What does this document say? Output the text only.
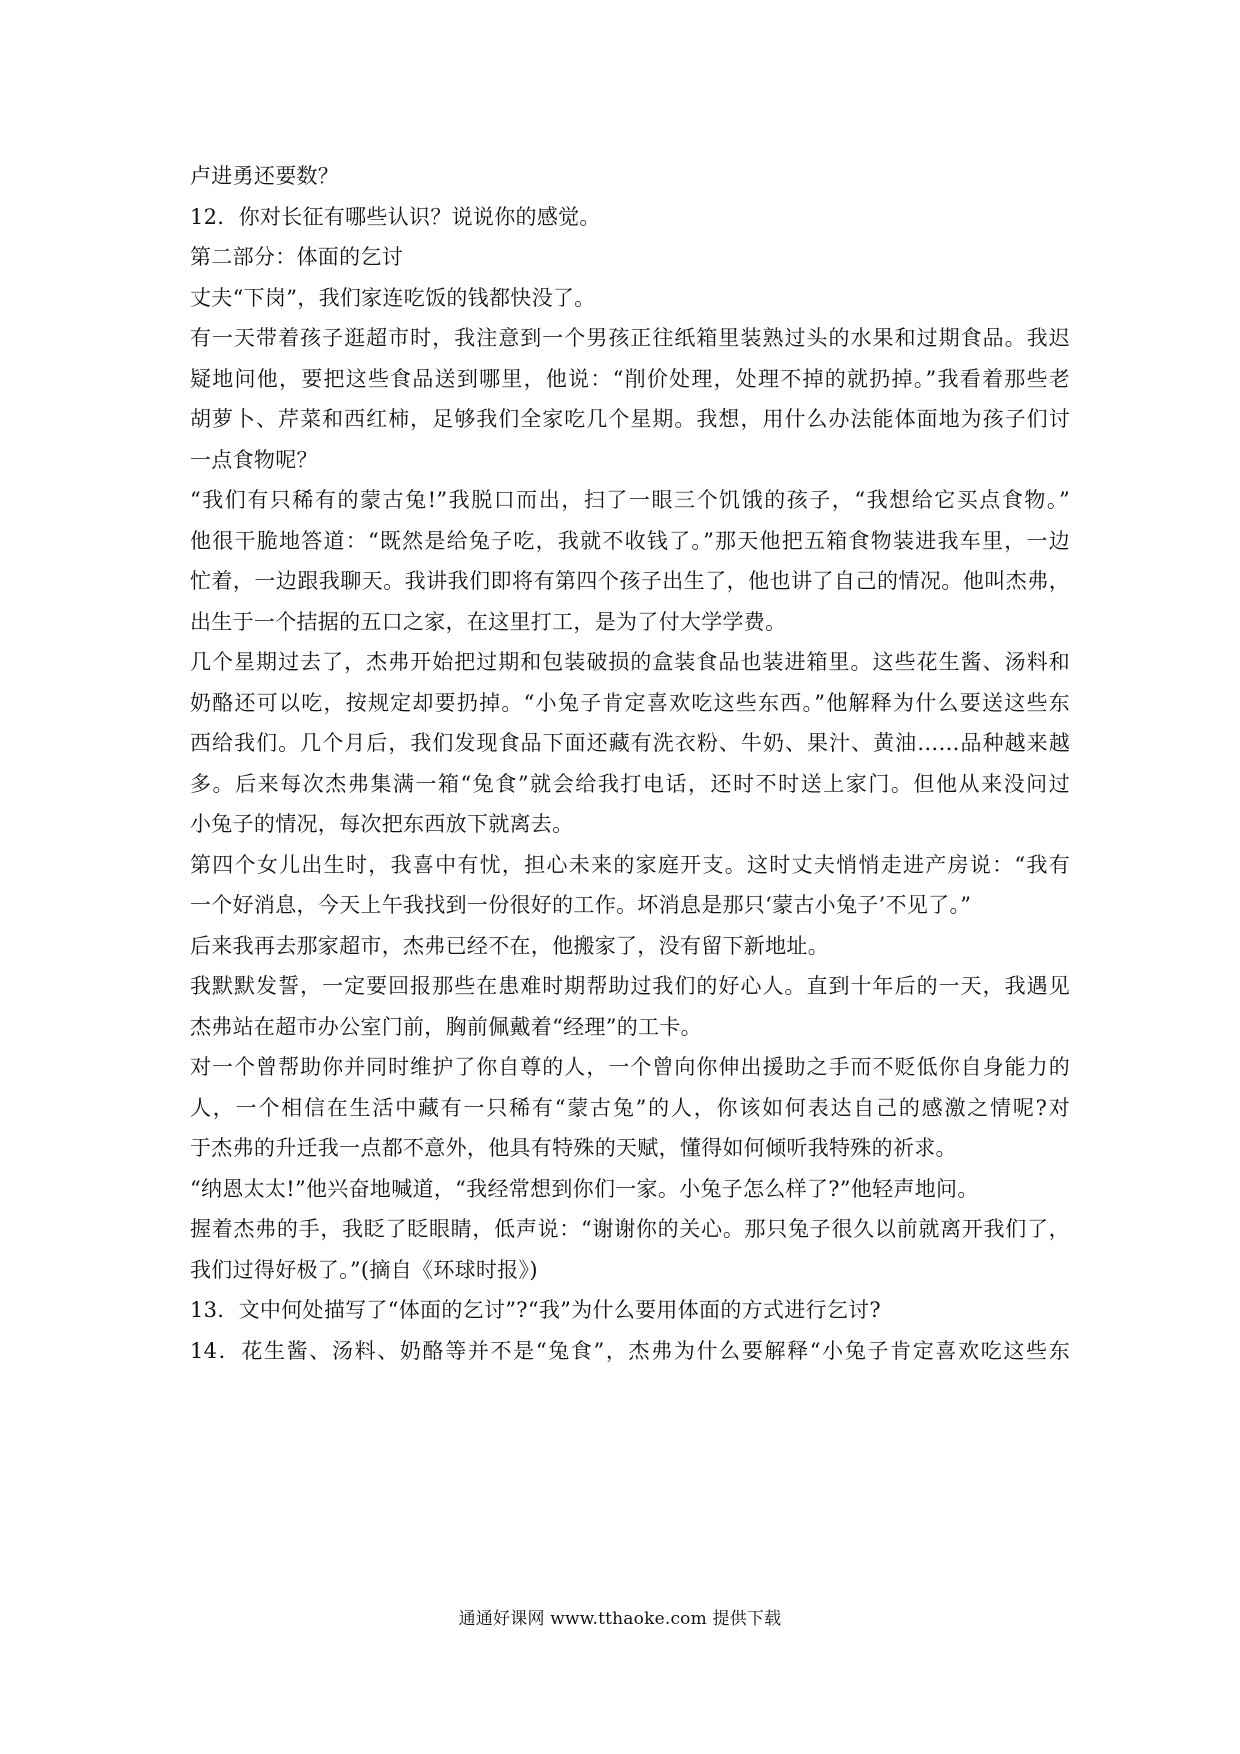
卢进勇还要数？
12．你对长征有哪些认识？说说你的感觉。
第二部分：体面的乞讨
丈夫“下岗”，我们家连吃饭的钱都快没了。
有一天带着孩子逛超市时，我注意到一个男孩正往纸箱里装熟过头的水果和过期食品。我迟
疑地问他，要把这些食品送到哪里，他说：“削价处理，处理不掉的就扔掉。”我看着那些老
胡萝卜、芹菜和西红柿，足够我们全家吃几个星期。我想，用什么办法能体面地为孩子们讨
一点食物呢？
“我们有只稀有的蒙古兔!”我脱口而出，扫了一眼三个饥饿的孩子，“我想给它买点食物。”
他很干脆地答道：“既然是给兔子吃，我就不收钱了。”那天他把五箱食物装进我车里，一边
忙着，一边跟我聊天。我讲我们即将有第四个孩子出生了，他也讲了自己的情况。他叫杰弗，
出生于一个拮据的五口之家，在这里打工，是为了付大学学费。
几个星期过去了，杰弗开始把过期和包装破损的盒装食品也装进箱里。这些花生酱、汤料和
奶酪还可以吃，按规定却要扔掉。“小兔子肯定喜欢吃这些东西。”他解释为什么要送这些东
西给我们。几个月后，我们发现食品下面还藏有洗衣粉、牛奶、果汁、黄油……品种越来越
多。后来每次杰弗集满一箱“兔食”就会给我打电话，还时不时送上家门。但他从来没问过
小兔子的情况，每次把东西放下就离去。
第四个女儿出生时，我喜中有忧，担心未来的家庭开支。这时丈夫悄悄走进产房说：“我有
一个好消息，今天上午我找到一份很好的工作。坏消息是那只‘蒙古小兔子’不见了。”
后来我再去那家超市，杰弗已经不在，他搬家了，没有留下新地址。
我默默发誓，一定要回报那些在患难时期帮助过我们的好心人。直到十年后的一天，我遇见
杰弗站在超市办公室门前，胸前佩戴着“经理”的工卡。
对一个曾帮助你并同时维护了你自尊的人，一个曾向你伸出援助之手而不贬低你自身能力的
人，一个相信在生活中藏有一只稀有“蒙古兔”的人，你该如何表达自己的感激之情呢?对
于杰弗的升迁我一点都不意外，他具有特殊的天赋，懂得如何倾听我特殊的祈求。
“纳恩太太!”他兴奋地喊道，“我经常想到你们一家。小兔子怎么样了?”他轻声地问。
握着杰弗的手，我眨了眨眼睛，低声说：“谢谢你的关心。那只兔子很久以前就离开我们了，
我们过得好极了。”(摘自《环球时报》)
13．文中何处描写了“体面的乞讨”?“我”为什么要用体面的方式进行乞讨?
14．花生酱、汤料、奶酪等并不是“兔食”，杰弗为什么要解释“小兔子肯定喜欢吃这些东
通通好课网 www.tthaoke.com 提供下载
